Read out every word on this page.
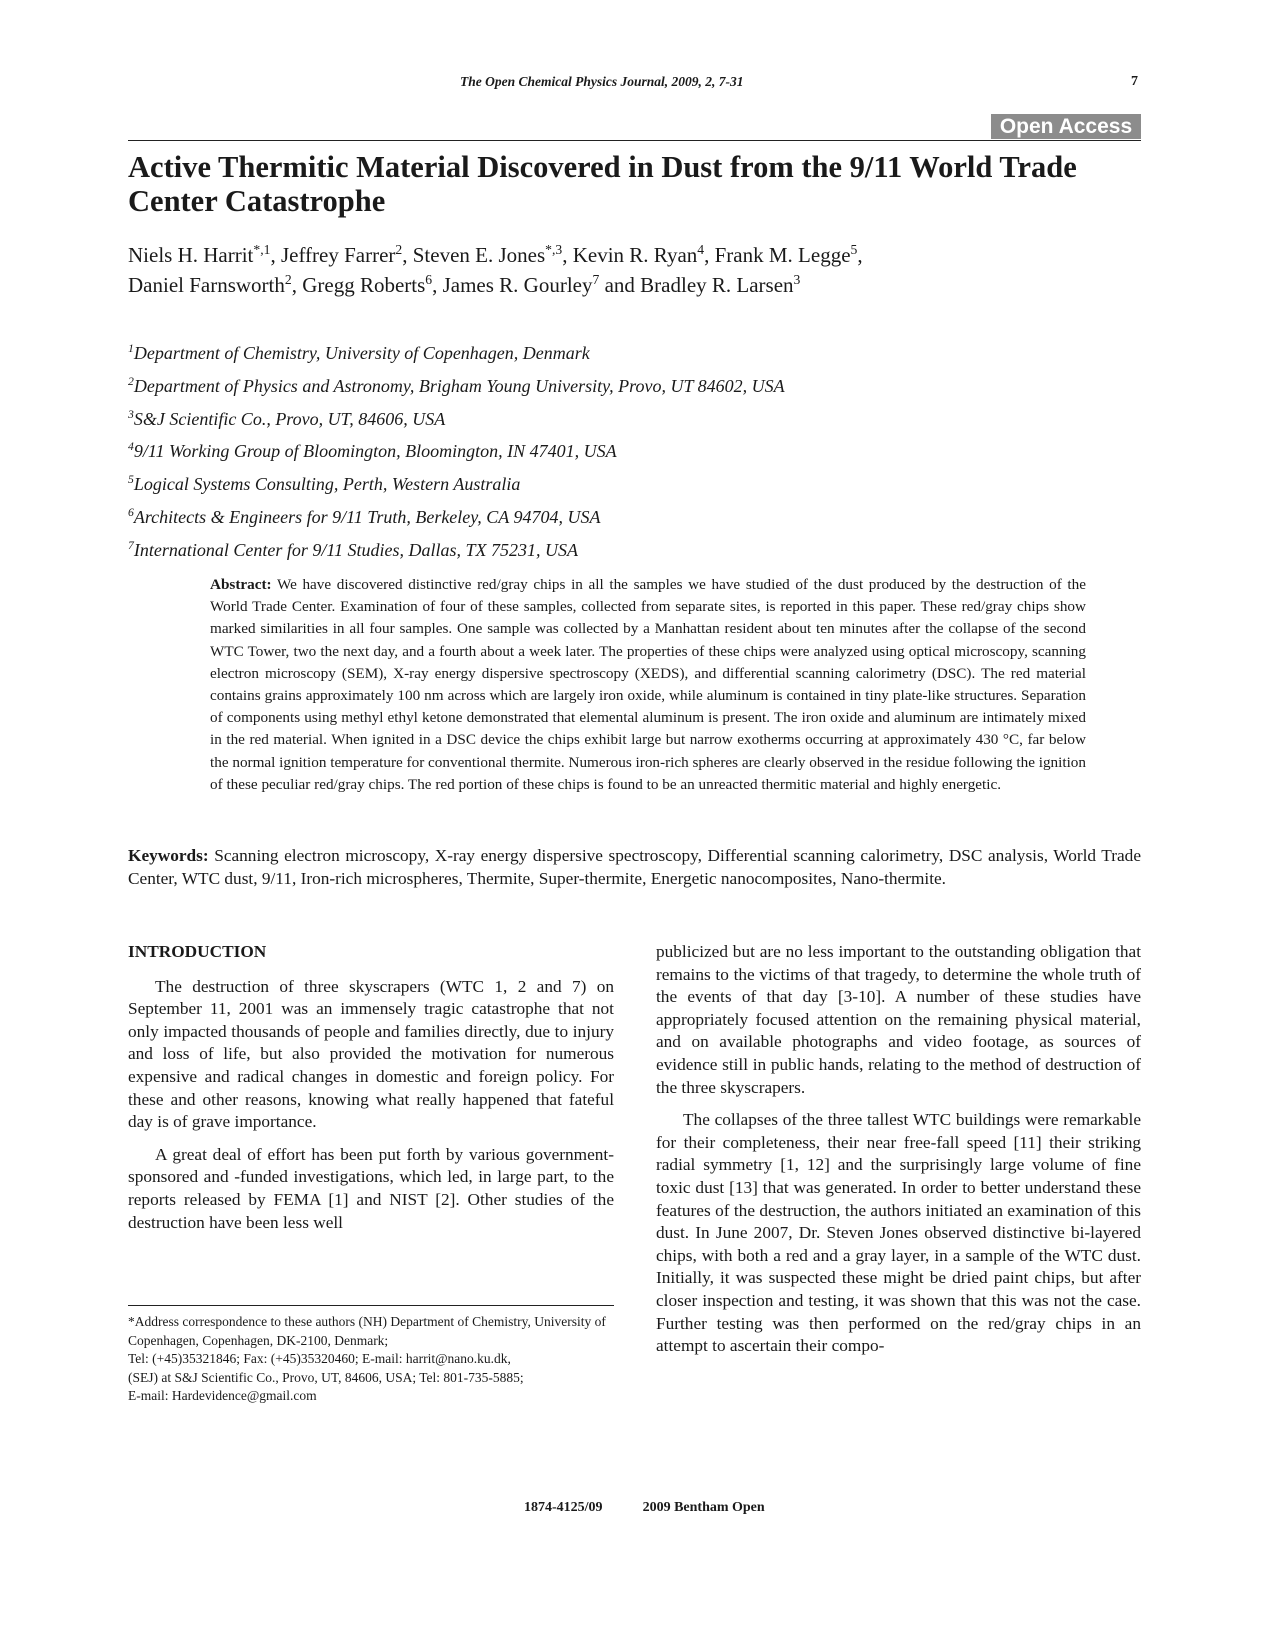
The Open Chemical Physics Journal, 2009, 2, 7-31	7
Open Access
Active Thermitic Material Discovered in Dust from the 9/11 World Trade Center Catastrophe
Niels H. Harrit$^{*,1}$, Jeffrey Farrer$^2$, Steven E. Jones$^{*,3}$, Kevin R. Ryan$^4$, Frank M. Legge$^5$,
Daniel Farnsworth$^2$, Gregg Roberts$^6$, James R. Gourley$^7$ and Bradley R. Larsen$^3$
$^1$Department of Chemistry, University of Copenhagen, Denmark
$^2$Department of Physics and Astronomy, Brigham Young University, Provo, UT 84602, USA
$^3$S&J Scientific Co., Provo, UT, 84606, USA
$^4$9/11 Working Group of Bloomington, Bloomington, IN 47401, USA
$^5$Logical Systems Consulting, Perth, Western Australia
$^6$Architects & Engineers for 9/11 Truth, Berkeley, CA 94704, USA
$^7$International Center for 9/11 Studies, Dallas, TX 75231, USA
Abstract: We have discovered distinctive red/gray chips in all the samples we have studied of the dust produced by the destruction of the World Trade Center. Examination of four of these samples, collected from separate sites, is reported in this paper. These red/gray chips show marked similarities in all four samples. One sample was collected by a Manhattan resident about ten minutes after the collapse of the second WTC Tower, two the next day, and a fourth about a week later. The properties of these chips were analyzed using optical microscopy, scanning electron microscopy (SEM), X-ray energy dispersive spectroscopy (XEDS), and differential scanning calorimetry (DSC). The red material contains grains approximately 100 nm across which are largely iron oxide, while aluminum is contained in tiny plate-like structures. Separation of components using methyl ethyl ketone demonstrated that elemental aluminum is present. The iron oxide and aluminum are intimately mixed in the red material. When ignited in a DSC device the chips exhibit large but narrow exotherms occurring at approximately 430 °C, far below the normal ignition temperature for conventional thermite. Numerous iron-rich spheres are clearly observed in the residue following the ignition of these peculiar red/gray chips. The red portion of these chips is found to be an unreacted thermitic material and highly energetic.
Keywords: Scanning electron microscopy, X-ray energy dispersive spectroscopy, Differential scanning calorimetry, DSC analysis, World Trade Center, WTC dust, 9/11, Iron-rich microspheres, Thermite, Super-thermite, Energetic nanocomposites, Nano-thermite.
INTRODUCTION

The destruction of three skyscrapers (WTC 1, 2 and 7) on September 11, 2001 was an immensely tragic catastrophe that not only impacted thousands of people and families directly, due to injury and loss of life, but also provided the motivation for numerous expensive and radical changes in domestic and foreign policy. For these and other reasons, knowing what really happened that fateful day is of grave importance.

A great deal of effort has been put forth by various government-sponsored and -funded investigations, which led, in large part, to the reports released by FEMA [1] and NIST [2]. Other studies of the destruction have been less well

publicized but are no less important to the outstanding obligation that remains to the victims of that tragedy, to determine the whole truth of the events of that day [3-10]. A number of these studies have appropriately focused attention on the remaining physical material, and on available photographs and video footage, as sources of evidence still in public hands, relating to the method of destruction of the three skyscrapers.

The collapses of the three tallest WTC buildings were remarkable for their completeness, their near free-fall speed [11] their striking radial symmetry [1, 12] and the surprisingly large volume of fine toxic dust [13] that was generated. In order to better understand these features of the destruction, the authors initiated an examination of this dust. In June 2007, Dr. Steven Jones observed distinctive bi-layered chips, with both a red and a gray layer, in a sample of the WTC dust. Initially, it was suspected these might be dried paint chips, but after closer inspection and testing, it was shown that this was not the case. Further testing was then performed on the red/gray chips in an attempt to ascertain their compo-

*Address correspondence to these authors (NH) Department of Chemistry, University of Copenhagen, Copenhagen, DK-2100, Denmark;
Tel: (+45)35321846; Fax: (+45)35320460; E-mail: harrit@nano.ku.dk,
(SEJ) at S&J Scientific Co., Provo, UT, 84606, USA; Tel: 801-735-5885;
E-mail: Hardevidence@gmail.com
1874-4125/09	2009 Bentham Open
